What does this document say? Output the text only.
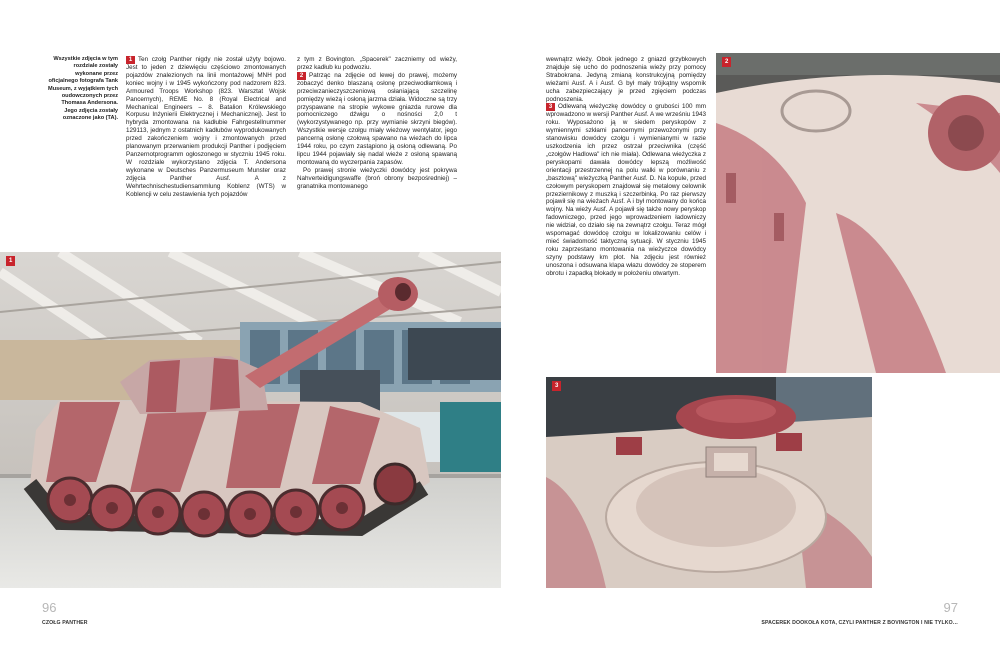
Wszystkie zdjęcia w tym rozdziale zostały wykonane przez oficjalnego fotografa Tank Museum, z wyjątkiem tych oudowczonych przez Thomasa Andersona. Jego zdjęcia zostały oznaczone jako (TA).

1 Ten czołg Panther nigdy nie został użyty bojowo. Jest to jeden z dziewięciu częściowo zmontowanych pojazdów znalezionych na linii montażowej MNH pod koniec wojny i w 1945 wykończony pod nadzorem 823. Armoured Troops Workshop (823. Warsztat Wojsk Pancernych), REME No. 8 (Royal Electrical and Mechanical Engineers – 8. Batalion Królewskiego Korpusu Inżynierii Elektrycznej i Mechanicznej). Jest to hybryda zmontowana na kadłubie Fahrgestellnummer 129113, jednym z ostatnich kadłubów wyprodukowanych przed zakończeniem wojny i zmontowanych przed planowanym przerwaniem produkcji Panther i podjęciem Panzernotprogramm ogłoszonego w styczniu 1945 roku. W rozdziale wykorzystano zdjęcia T. Andersona wykonane w Deutsches Panzermuseum Munster oraz zdjęcia Panther Ausf. A z Wehrtechnischestudiensammlung Koblenz (WTS) w Koblencji w celu zestawienia tych pojazdów

z tym z Bovington. „Spacerek" zaczniemy od wieży, przez kadłub ku podwoziu.

2 Patrząc na zdjęcie od lewej do prawej, możemy zobaczyć denko blaszaną osłonę przeciwodłamkową i przeciwzanieczyszczeniową osłaniającą szczelinę pomiędzy wieżą i osłoną jarzma działa. Widoczne są trzy przyspawane na stropie wykowe gniazda rurowe dla pomocniczego dźwigu o nośności 2,0 t (wykorzystywanego np. przy wymianie skrzyni biegów). Wszystkie wersje czołgu miały wieżowy wentylator, jego pancerną osłonę czołową spawano na wieżach do lipca 1944 roku, po czym zastąpiono ją osłoną odlewaną. Po lipcu 1944 pojawiały się nadal wieże z osłoną spawaną montowaną do wyczerpania zapasów.

Po prawej stronie wieżyczki dowódcy jest pokrywa Nahverteidigungswaffe (broń obrony bezpośredniej) – granatnika montowanego

1
96
CZOŁG PANTHER

wewnątrz wieży. Obok jednego z gniazd grzybkowych znajduje się ucho do podnoszenia wieży przy pomocy Strabokrana. Jedyną zmianą konstrukcyjną pomiędzy wieżami Ausf. A i Ausf. G był mały trójkątny wspornik ucha zabezpieczający je przed zgięciem podczas podnoszenia.

3 Odlewaną wieżyczkę dowódcy o grubości 100 mm wprowadzono w wersji Panther Ausf. A we wrześniu 1943 roku. Wyposażono ją w siedem peryskopów z wymiennymi szkłami pancernymi przewożonymi przy stanowisku dowódcy czołgu i wymienianymi w razie uszkodzenia ich przez ostrzał przeciwnika (część „czołgów Hadlowa" ich nie miała). Odlewana wieżyczka z peryskopami dawała dowódcy lepszą możliwość orientacji przestrzennej na polu walki w porównaniu z „basztową" wieżyczką Panther Ausf. D. Na kopule, przed czołowym peryskopem znajdował się metalowy celownik przeziernikowy z muszką i szczerbinką. Po raz pierwszy pojawił się na wieżach Ausf. A i był montowany do końca wojny. Na wieży Ausf. A pojawił się także nowy peryskop fadowniczego, przed jego wprowadzeniem ładowniczy nie widział, co działo się na zewnątrz czołgu. Teraz mógł wspomagać dowódcę czołgu w lokalizowaniu celów i mieć świadomość taktyczną sytuacji. W styczniu 1945 roku zaprzestano montowania na wieżyczce dowódcy szyny podstawy km plot. Na zdjęciu jest również unoszona i odsuwana klapa włazu dowódcy ze stoperem obrotu i zapadką blokady w położeniu otwartym.

2
3
97
SPACEREK DOOKOŁA KOTA, CZYLI PANTHER Z BOVINGTON I NIE TYLKO…
